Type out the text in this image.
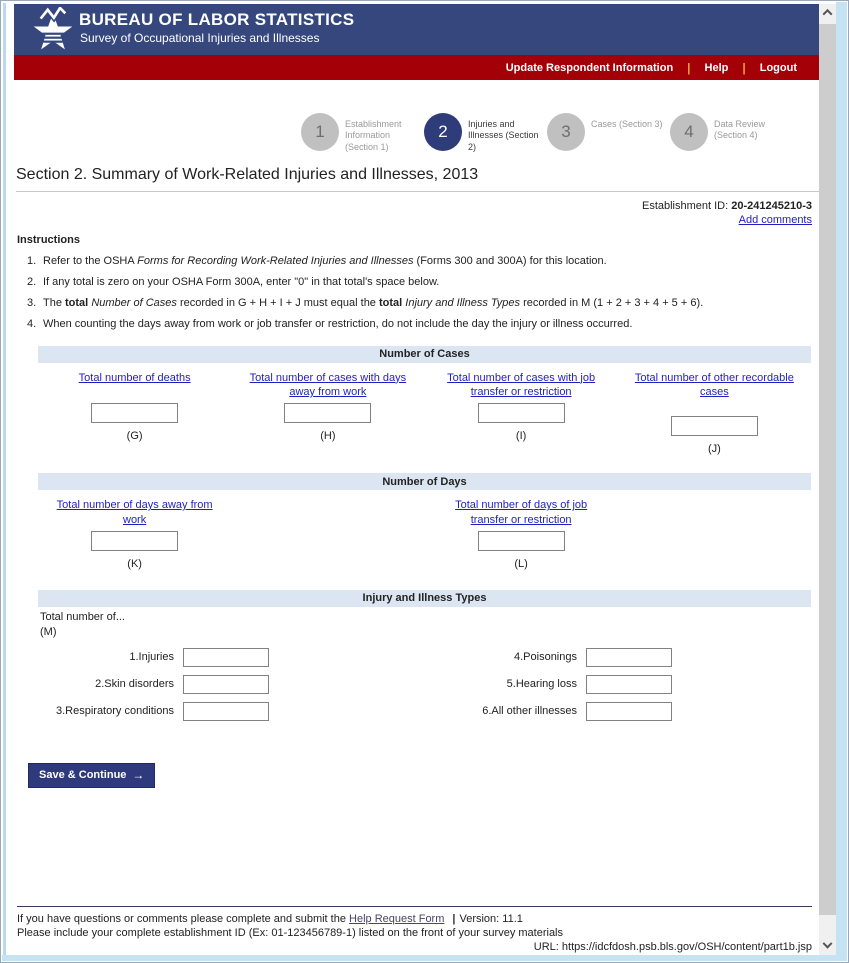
BUREAU OF LABOR STATISTICS
Survey of Occupational Injuries and Illnesses
Update Respondent Information | Help | Logout
1	Establishment Information (Section 1)
2	Injuries and Illnesses (Section 2)
3	Cases (Section 3)	4	Data Review (Section 4)
Section 2. Summary of Work-Related Injuries and Illnesses, 2013
Establishment ID: 20-241245210-3
Add comments
Instructions
1. Refer to the OSHA Forms for Recording Work-Related Injuries and Illnesses (Forms 300 and 300A) for this location.
2. If any total is zero on your OSHA Form 300A, enter "0" in that total's space below.
3. The total Number of Cases recorded in G + H + I + J must equal the total Injury and Illness Types recorded in M (1 + 2 + 3 + 4 + 5 + 6).
4. When counting the days away from work or job transfer or restriction, do not include the day the injury or illness occurred.
Number of Cases
Total number of deaths
(G)
Total number of cases with days away from work
(H)
Total number of cases with job transfer or restriction
(I)
Total number of other recordable cases
(J)
Number of Days
Total number of days away from work
(K)
Total number of days of job transfer or restriction
(L)
Injury and Illness Types
Total number of...
(M)
1.Injuries	4.Poisonings
2.Skin disorders	5.Hearing loss
3.Respiratory conditions	6.All other illnesses
Save & Continue →
If you have questions or comments please complete and submit the Help Request Form | Version: 11.1
Please include your complete establishment ID (Ex: 01-123456789-1) listed on the front of your survey materials
URL: https://idcfdosh.psb.bls.gov/OSH/content/part1b.jsp
